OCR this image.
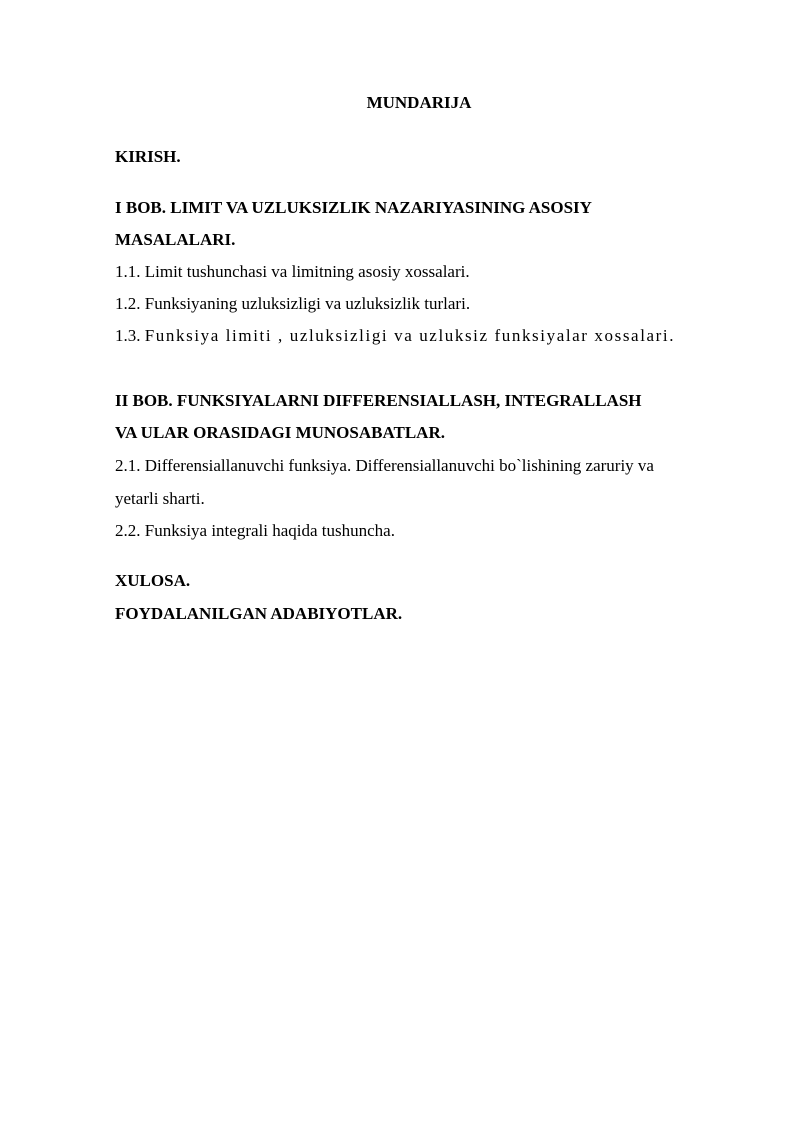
MUNDARIJA
KIRISH.
I BOB. LIMIT VA UZLUKSIZLIK NAZARIYASINING ASOSIY
MASALALARI.
1.1. Limit tushunchasi va limitning asosiy xossalari.
1.2. Funksiyaning uzluksizligi va uzluksizlik turlari.
1.3. Funksiya limiti , uzluksizligi va uzluksiz funksiyalar xossalari.
II BOB. FUNKSIYALARNI DIFFERENSIALLASH, INTEGRALLASH
VA ULAR ORASIDAGI MUNOSABATLAR.
2.1. Differensiallanuvchi funksiya. Differensiallanuvchi bo`lishining zaruriy va
yetarli sharti.
2.2. Funksiya integrali haqida tushuncha.
XULOSA.
FOYDALANILGAN ADABIYOTLAR.
